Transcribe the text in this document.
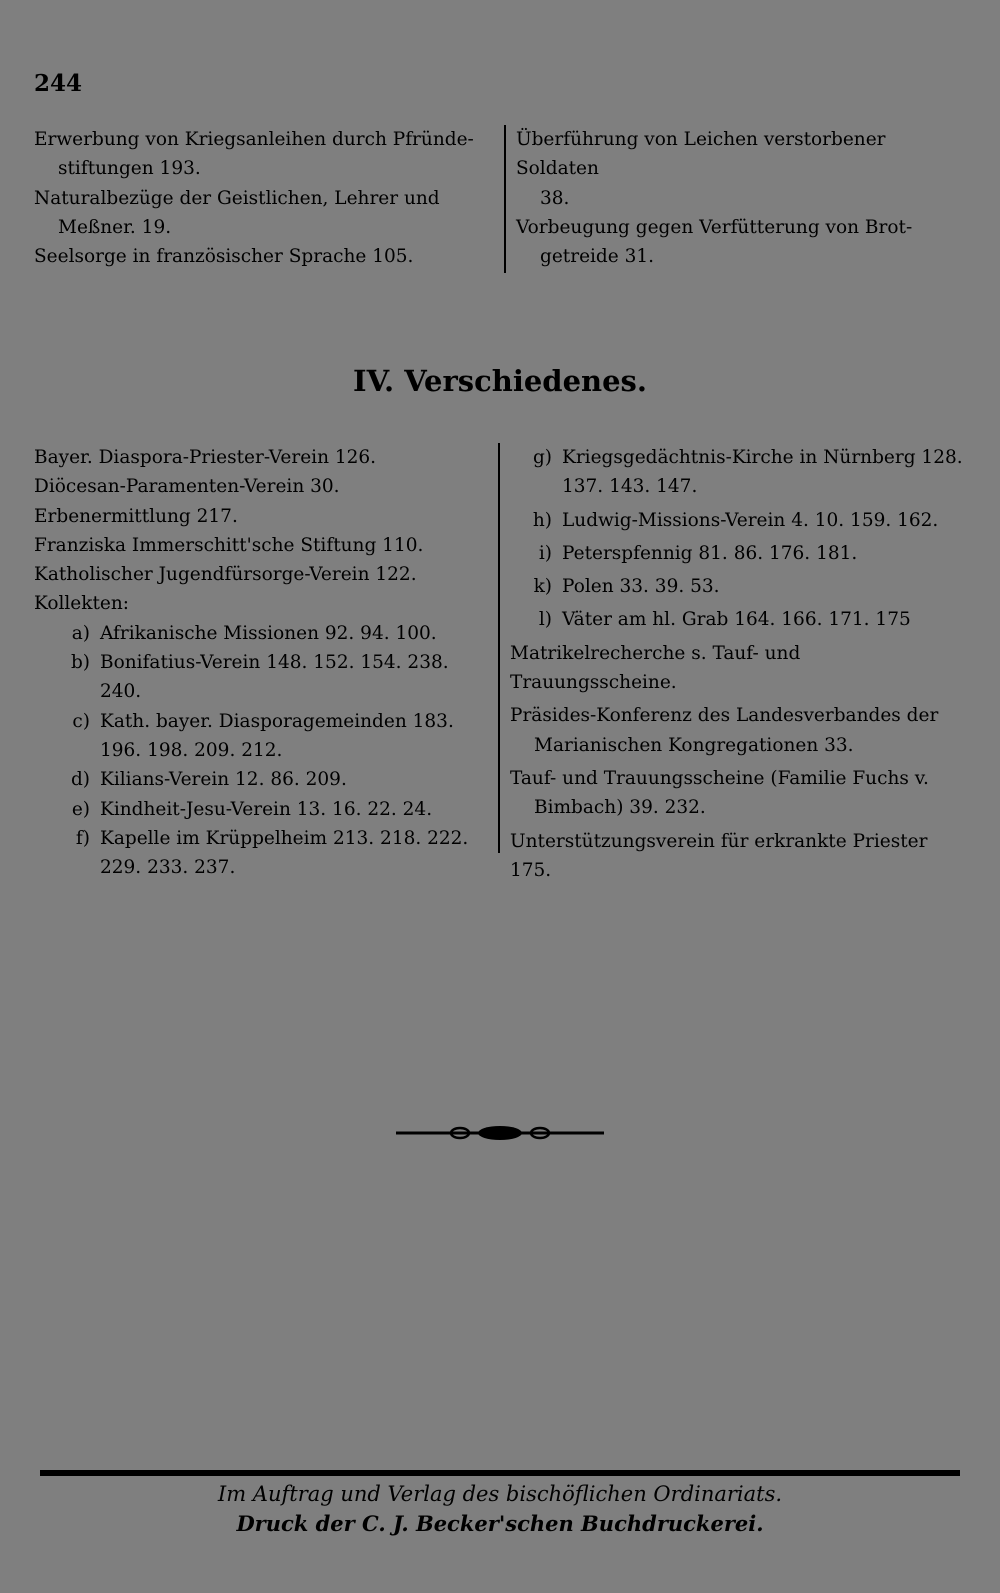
244
Erwerbung von Kriegsanleihen durch Pfründe-
stiftungen 193.
Naturalbezüge der Geistlichen, Lehrer und
Meßner. 19.
Seelsorge in französischer Sprache 105.
Überführung von Leichen verstorbener Soldaten
38.
Vorbeugung gegen Verfütterung von Brot-
getreide 31.
IV. Verschiedenes.
Bayer. Diaspora-Priester-Verein 126.
Diöcesan-Paramenten-Verein 30.
Erbenermittlung 217.
Franziska Immerschitt'sche Stiftung 110.
Katholischer Jugendfürsorge-Verein 122.
Kollekten:
a) Afrikanische Missionen 92. 94. 100.
b) Bonifatius-Verein 148. 152. 154. 238. 240.
c) Kath. bayer. Diasporagemeinden 183.
196. 198. 209. 212.
d) Kilians-Verein 12. 86. 209.
e) Kindheit-Jesu-Verein 13. 16. 22. 24.
f) Kapelle im Krüppelheim 213. 218. 222.
229. 233. 237.
g) Kriegsgedächtnis-Kirche in Nürnberg 128.
137. 143. 147.
h) Ludwig-Missions-Verein 4. 10. 159. 162.
i) Peterspfennig 81. 86. 176. 181.
k) Polen 33. 39. 53.
l) Väter am hl. Grab 164. 166. 171. 175
Matrikelrecherche s. Tauf- und Trauungsscheine.
Präsides-Konferenz des Landesverbandes der
Marianischen Kongregationen 33.
Tauf- und Trauungsscheine (Familie Fuchs v.
Bimbach) 39. 232.
Unterstützungsverein für erkrankte Priester 175.
Im Auftrag und Verlag des bischöflichen Ordinariats.
Druck der C. J. Becker'schen Buchdruckerei.
